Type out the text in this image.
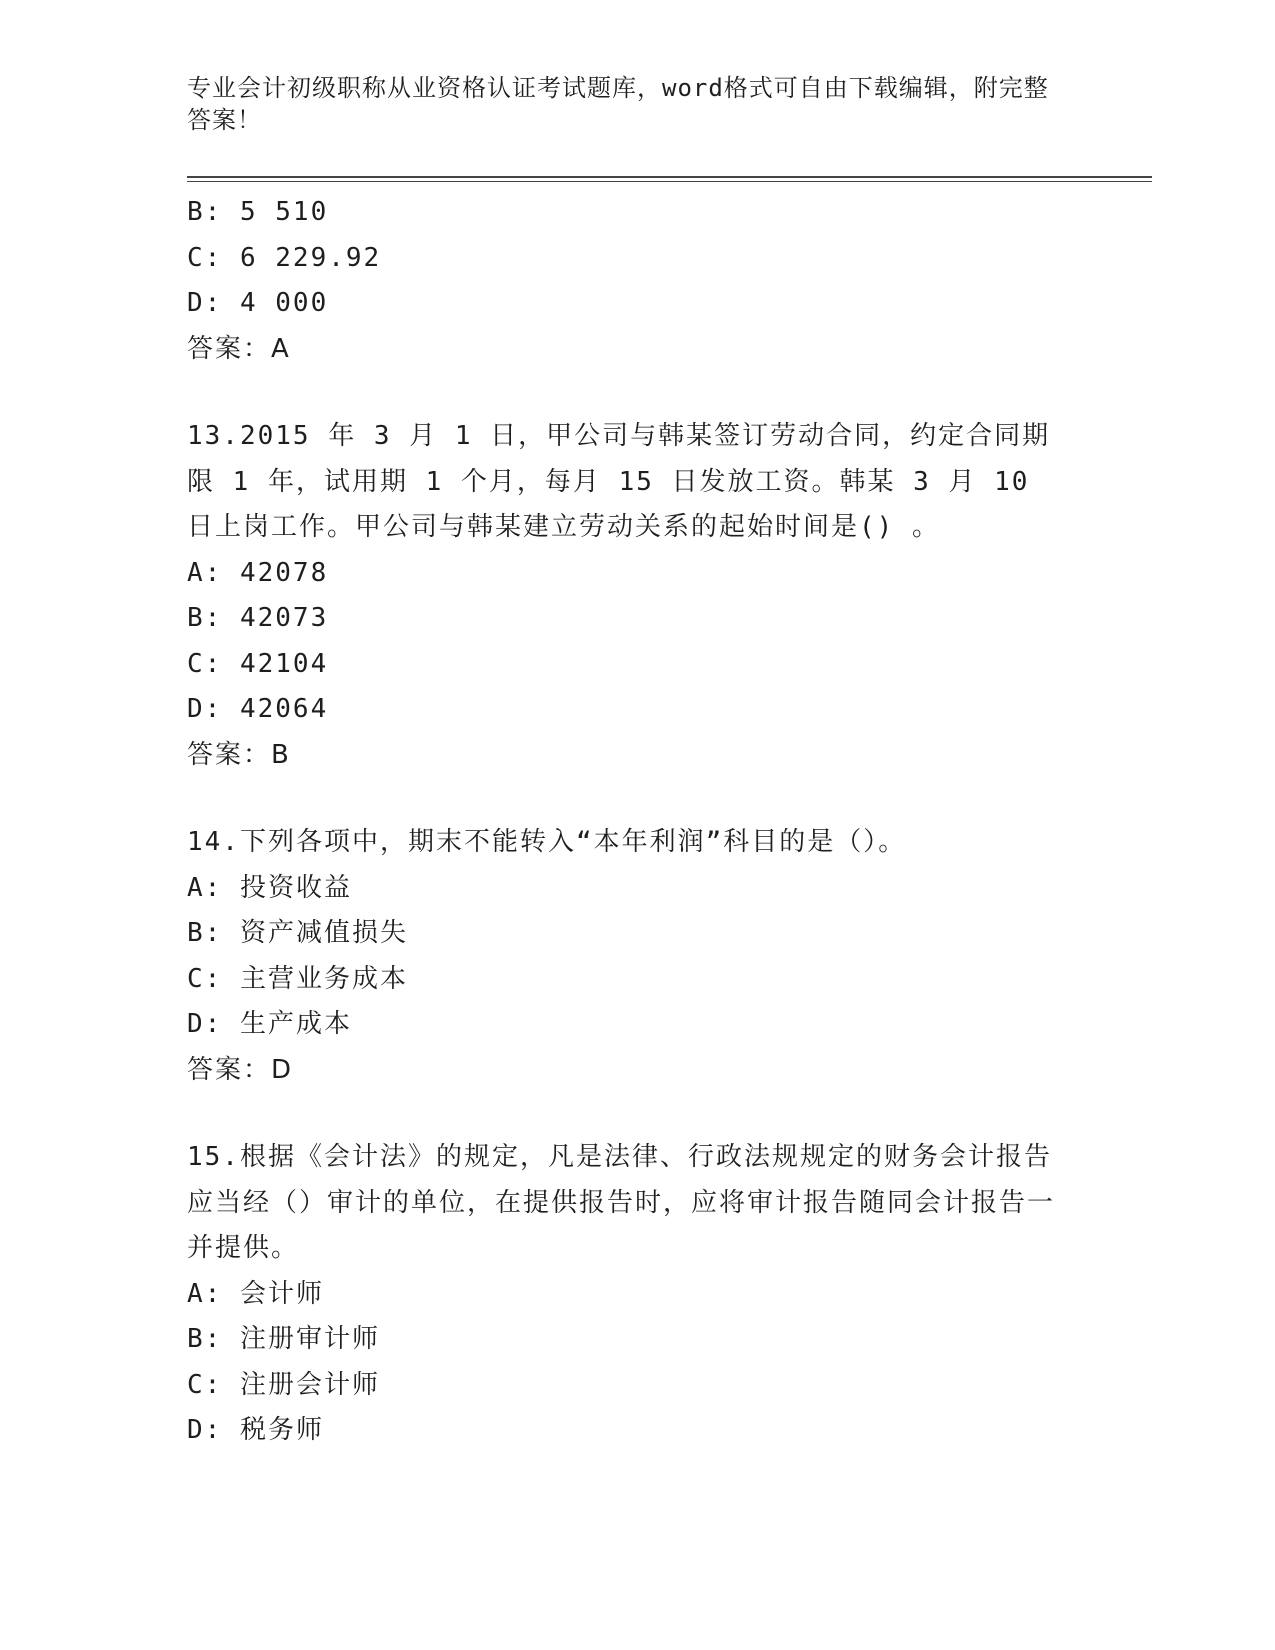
专业会计初级职称从业资格认证考试题库，word格式可自由下载编辑，附完整答案！
B: 5 510
C: 6 229.92
D: 4 000
答案：A
13.2015 年 3 月 1 日，甲公司与韩某签订劳动合同，约定合同期限 1 年，试用期 1 个月，每月 15 日发放工资。韩某 3 月 10 日上岗工作。甲公司与韩某建立劳动关系的起始时间是() 。
A: 42078
B: 42073
C: 42104
D: 42064
答案：B
14.下列各项中，期末不能转入“本年利润”科目的是（）。
A: 投资收益
B: 资产减值损失
C: 主营业务成本
D: 生产成本
答案：D
15.根据《会计法》的规定，凡是法律、行政法规规定的财务会计报告应当经（）审计的单位，在提供报告时，应将审计报告随同会计报告一并提供。
A: 会计师
B: 注册审计师
C: 注册会计师
D: 税务师
